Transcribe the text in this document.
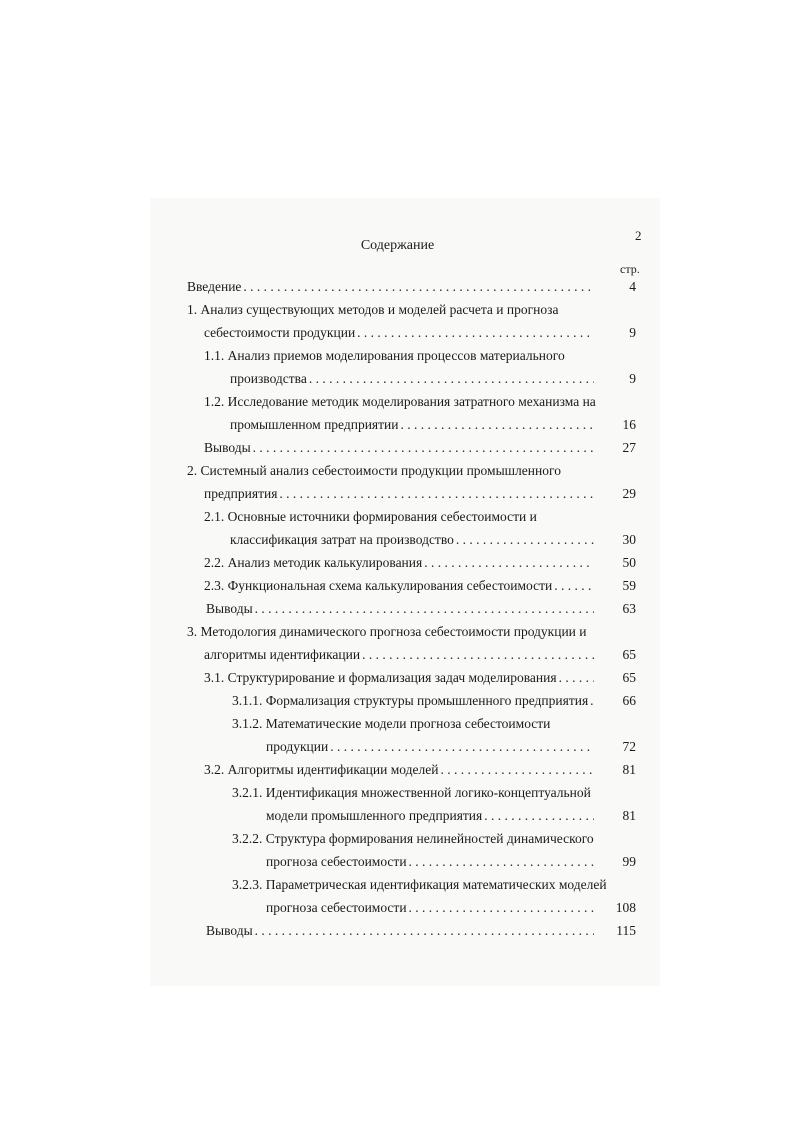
2
Содержание
стр.
Введение . . .	4
1. Анализ существующих методов и моделей расчета и прогноза
себестоимости продукции . . .	9
1.1. Анализ приемов моделирования процессов материального
производства . . .	9
1.2. Исследование методик моделирования затратного механизма на
промышленном предприятии . . .	16
Выводы . . .	27
2. Системный анализ себестоимости продукции промышленного
предприятия . . .	29
2.1. Основные источники формирования себестоимости и
классификация затрат на производство . . .	30
2.2. Анализ методик калькулирования . . .	50
2.3. Функциональная схема калькулирования себестоимости . . .	59
Выводы . . .	63
3. Методология динамического прогноза себестоимости продукции и
алгоритмы идентификации . . .	65
3.1. Структурирование и формализация задач моделирования . . .	65
3.1.1. Формализация структуры промышленного предприятия . . .	66
3.1.2. Математические модели прогноза себестоимости
продукции . . .	72
3.2. Алгоритмы идентификации моделей . . .	81
3.2.1. Идентификация множественной логико-концептуальной
модели промышленного предприятия . . .	81
3.2.2. Структура формирования нелинейностей динамического
прогноза себестоимости . . .	99
3.2.3. Параметрическая идентификация математических моделей
прогноза себестоимости . . .	108
Выводы . . .	115
